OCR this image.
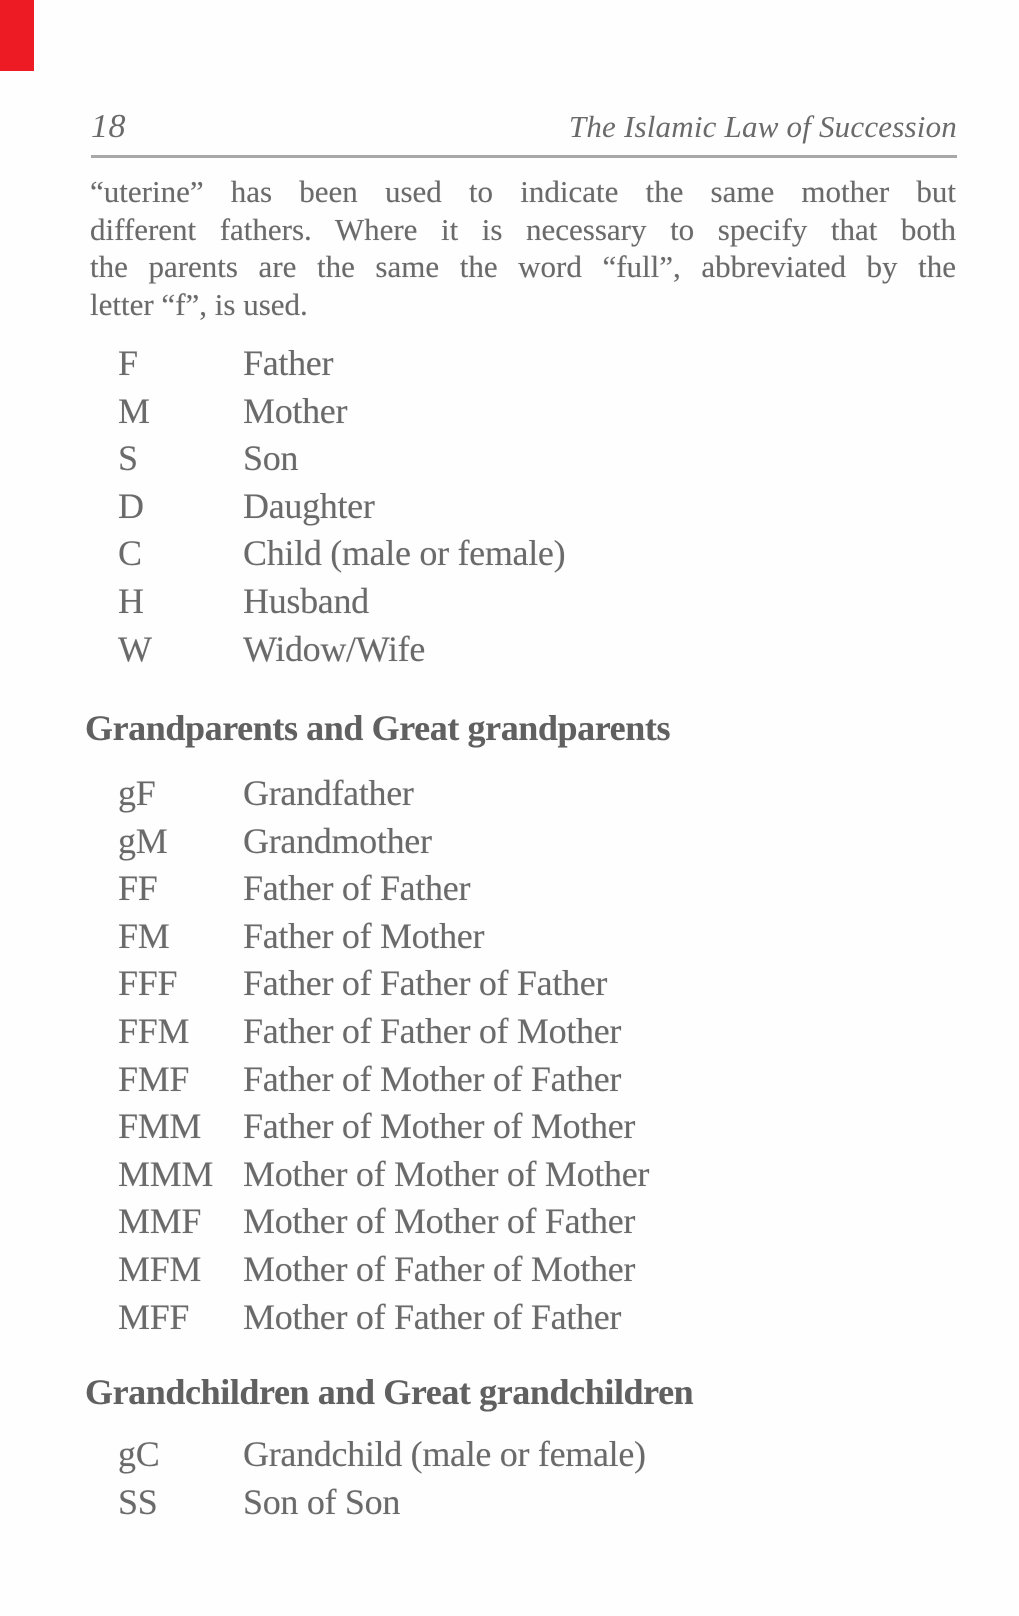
18	The Islamic Law of Succession
“uterine” has been used to indicate the same mother but
different fathers. Where it is necessary to specify that both
the parents are the same the word “full”, abbreviated by the
letter “f”, is used.
F	Father
M	Mother
S	Son
D	Daughter
C	Child (male or female)
H	Husband
W	Widow/Wife
Grandparents and Great grandparents
gF Grandfather
gM Grandmother
FF Father of Father
FM Father of Mother
FFF Father of Father of Father
FFM Father of Father of Mother
FMF Father of Mother of Father
FMM Father of Mother of Mother
MMM Mother of Mother of Mother
MMF Mother of Mother of Father
MFM Mother of Father of Mother
MFF Mother of Father of Father
Grandchildren and Great grandchildren
gC Grandchild (male or female)
SS Son of Son
